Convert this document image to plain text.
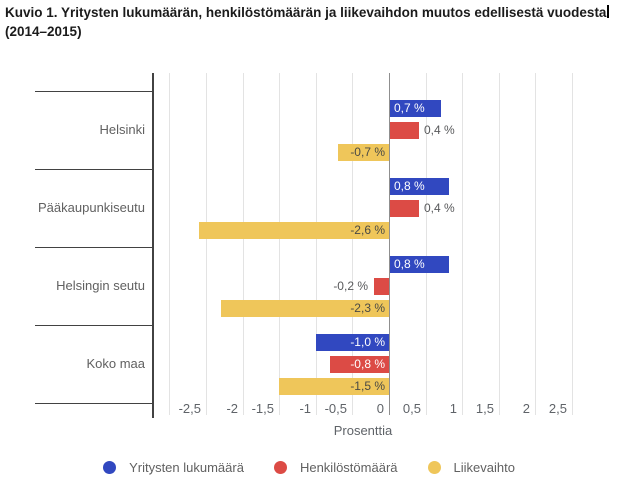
Kuvio 1. Yritysten lukumäärän, henkilöstömäärän ja liikevaihdon muutos edellisestä vuodesta
(2014–2015)
Prosenttia
Yritysten lukumäärä	Henkilöstömäärä	Liikevaihto
Helsinki
Pääkaupunkiseutu
Helsingin seutu
Koko maa
-2,5	-2	-1,5	-1	-0,5	0	0,5	1	1,5	2	2,5
0,7 %
0,8 %
0,8 %
-1,0 %
0,4 %
0,4 %
-0,2 %
-0,8 %
-0,7 %
-2,6 %
-2,3 %
-1,5 %
